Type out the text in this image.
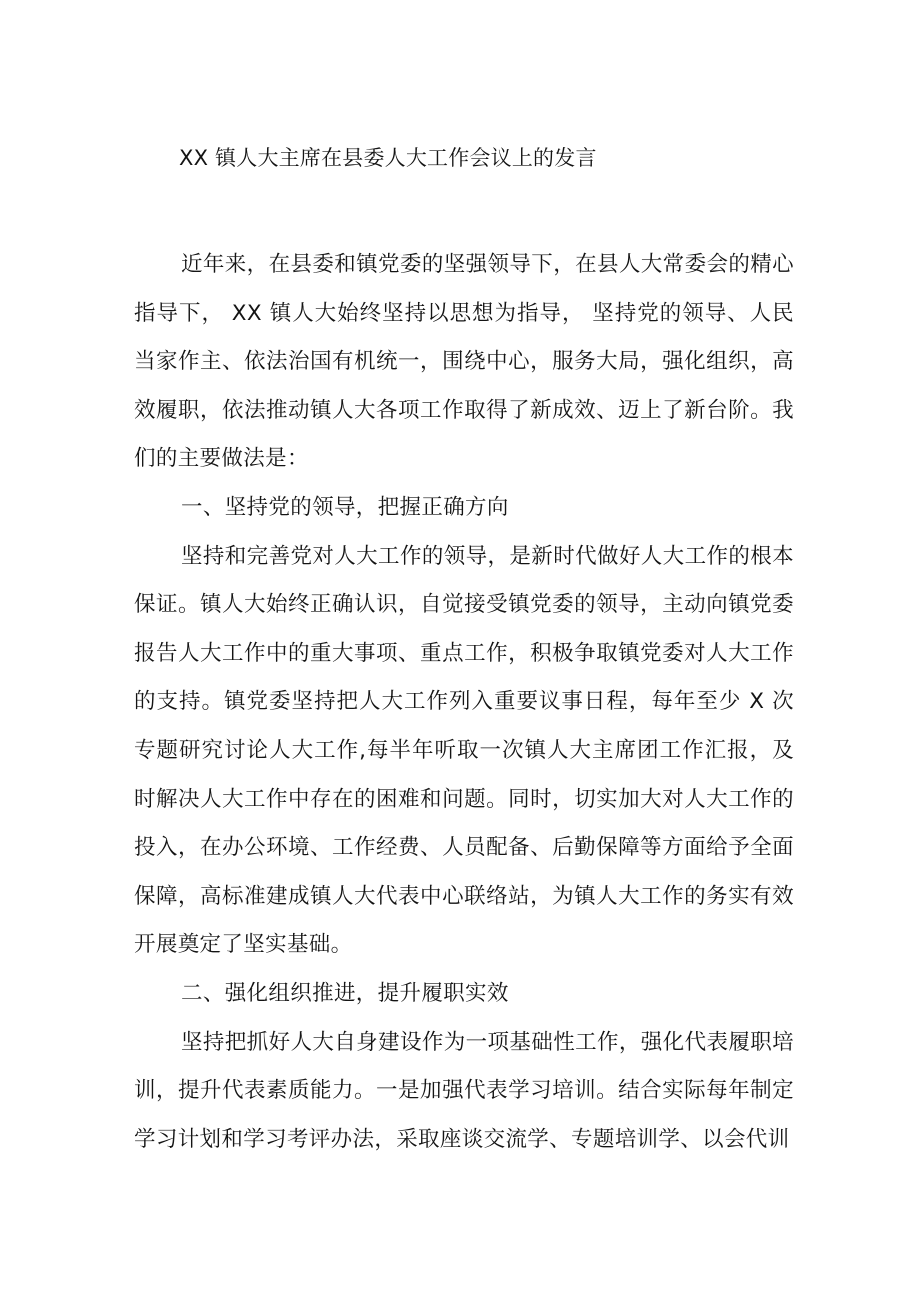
XX 镇人大主席在县委人大工作会议上的发言

近年来，在县委和镇党委的坚强领导下，在县人大常委会的精心指导下， XX 镇人大始终坚持以思想为指导， 坚持党的领导、人民当家作主、依法治国有机统一，围绕中心，服务大局，强化组织，高效履职，依法推动镇人大各项工作取得了新成效、迈上了新台阶。我们的主要做法是：

一、坚持党的领导，把握正确方向

坚持和完善党对人大工作的领导，是新时代做好人大工作的根本保证。镇人大始终正确认识，自觉接受镇党委的领导，主动向镇党委报告人大工作中的重大事项、重点工作，积极争取镇党委对人大工作的支持。镇党委坚持把人大工作列入重要议事日程，每年至少 X 次专题研究讨论人大工作,每半年听取一次镇人大主席团工作汇报，及时解决人大工作中存在的困难和问题。同时，切实加大对人大工作的投入，在办公环境、工作经费、人员配备、后勤保障等方面给予全面保障，高标准建成镇人大代表中心联络站，为镇人大工作的务实有效开展奠定了坚实基础。

二、强化组织推进，提升履职实效

坚持把抓好人大自身建设作为一项基础性工作，强化代表履职培训，提升代表素质能力。一是加强代表学习培训。结合实际每年制定学习计划和学习考评办法，采取座谈交流学、专题培训学、以会代训
